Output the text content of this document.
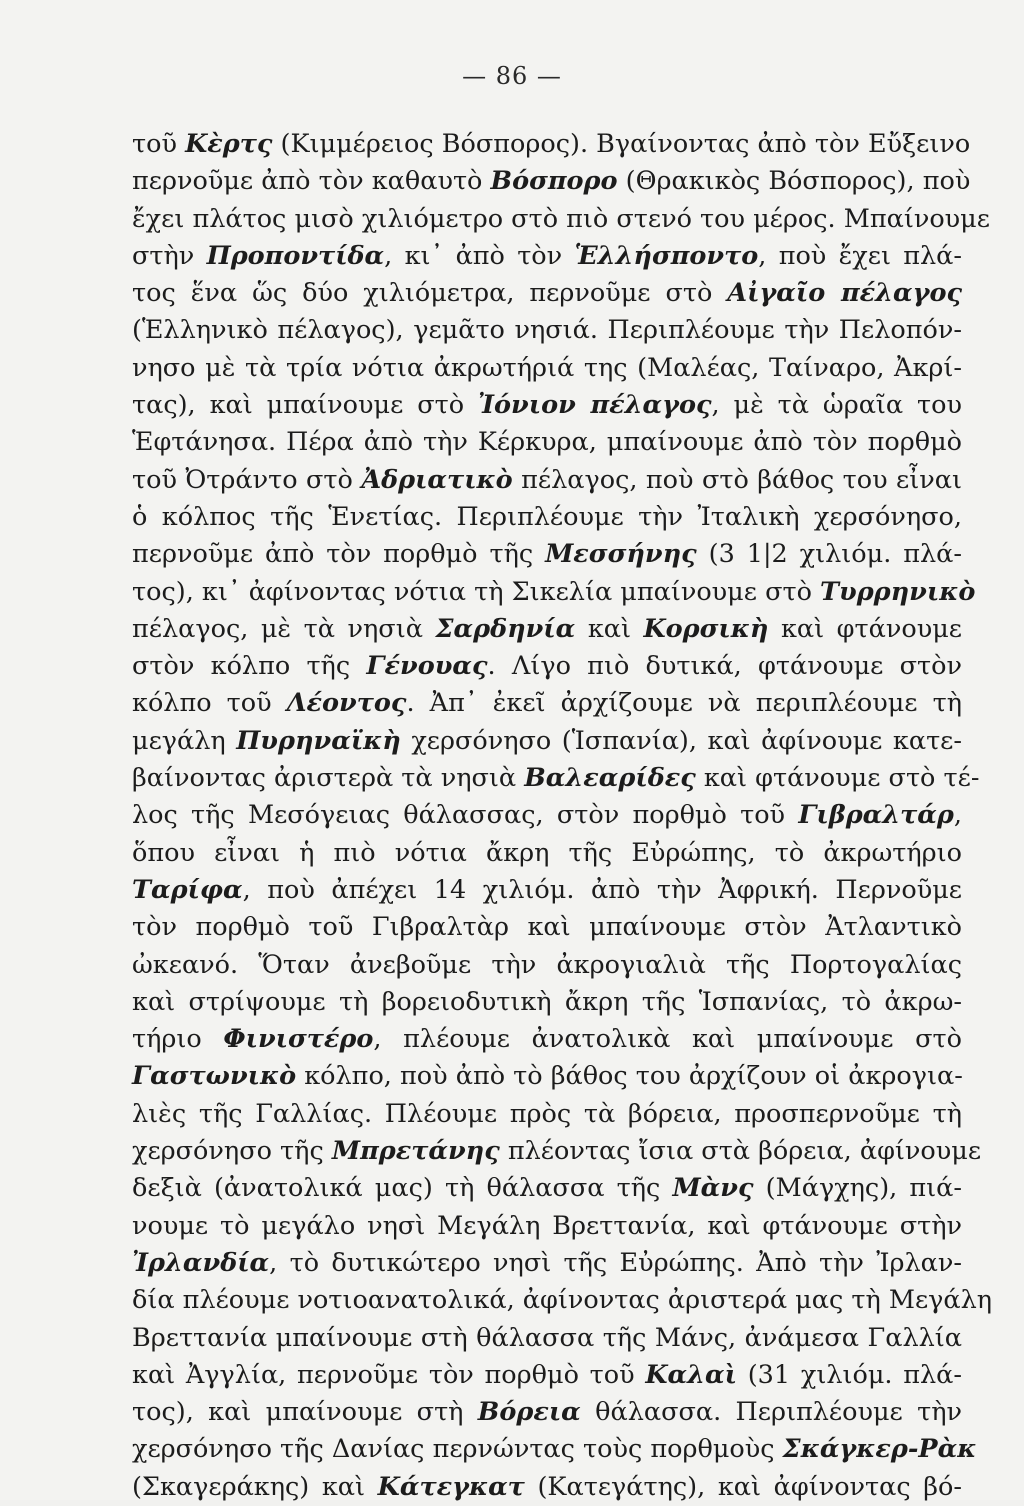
— 86 —
τοῦ Κὲρτς (Κιμμέρειος Βόσπορος). Βγαίνοντας ἀπὸ τὸν Εὔξεινο
περνοῦμε ἀπὸ τὸν καθαυτὸ Βόσπορο (Θρακικὸς Βόσπορος), ποὺ
ἔχει πλάτος μισὸ χιλιόμετρο στὸ πιὸ στενό του μέρος. Μπαίνουμε
στὴν Προποντίδα, κι᾽ ἀπὸ τὸν Ἑλλήσποντο, ποὺ ἔχει πλά-
τος ἕνα ὥς δύο χιλιόμετρα, περνοῦμε στὸ Αἰγαῖο πέλαγος
(Ἑλληνικὸ πέλαγος), γεμᾶτο νησιά. Περιπλέουμε τὴν Πελοπόν-
νησο μὲ τὰ τρία νότια ἀκρωτήριά της (Μαλέας, Ταίναρο, Ἀκρί-
τας), καὶ μπαίνουμε στὸ Ἰόνιον πέλαγος, μὲ τὰ ὡραῖα του
Ἑφτάνησα. Πέρα ἀπὸ τὴν Κέρκυρα, μπαίνουμε ἀπὸ τὸν πορθμὸ
τοῦ Ὀτράντο στὸ Ἀδριατικὸ πέλαγος, ποὺ στὸ βάθος του εἶναι
ὁ κόλπος τῆς Ἑνετίας. Περιπλέουμε τὴν Ἰταλικὴ χερσόνησο,
περνοῦμε ἀπὸ τὸν πορθμὸ τῆς Μεσσήνης (3 1|2 χιλιόμ. πλά-
τος), κι᾽ ἀφίνοντας νότια τὴ Σικελία μπαίνουμε στὸ Τυρρηνικὸ
πέλαγος, μὲ τὰ νησιὰ Σαρδηνία καὶ Κορσικὴ καὶ φτάνουμε
στὸν κόλπο τῆς Γένουας. Λίγο πιὸ δυτικά, φτάνουμε στὸν
κόλπο τοῦ Λέοντος. Ἀπ᾽ ἐκεῖ ἀρχίζουμε νὰ περιπλέουμε τὴ
μεγάλη Πυρηναϊκὴ χερσόνησο (Ἱσπανία), καὶ ἀφίνουμε κατε-
βαίνοντας ἀριστερὰ τὰ νησιὰ Βαλεαρίδες καὶ φτάνουμε στὸ τέ-
λος τῆς Μεσόγειας θάλασσας, στὸν πορθμὸ τοῦ Γιβραλτάρ,
ὅπου εἶναι ἡ πιὸ νότια ἄκρη τῆς Εὐρώπης, τὸ ἀκρωτήριο
Ταρίφα, ποὺ ἀπέχει 14 χιλιόμ. ἀπὸ τὴν Ἀφρική. Περνοῦμε
τὸν πορθμὸ τοῦ Γιβραλτὰρ καὶ μπαίνουμε στὸν Ἀτλαντικὸ
ὠκεανό. Ὅταν ἀνεβοῦμε τὴν ἀκρογιαλιὰ τῆς Πορτογαλίας
καὶ στρίψουμε τὴ βορειοδυτικὴ ἄκρη τῆς Ἱσπανίας, τὸ ἀκρω-
τήριο Φινιστέρο, πλέουμε ἀνατολικὰ καὶ μπαίνουμε στὸ
Γαστωνικὸ κόλπο, ποὺ ἀπὸ τὸ βάθος του ἀρχίζουν οἱ ἀκρογια-
λιὲς τῆς Γαλλίας. Πλέουμε πρὸς τὰ βόρεια, προσπερνοῦμε τὴ
χερσόνησο τῆς Μπρετάνης πλέοντας ἴσια στὰ βόρεια, ἀφίνουμε
δεξιὰ (ἀνατολικά μας) τὴ θάλασσα τῆς Μὰνς (Μάγχης), πιά-
νουμε τὸ μεγάλο νησὶ Μεγάλη Βρεττανία, καὶ φτάνουμε στὴν
Ἰρλανδία, τὸ δυτικώτερο νησὶ τῆς Εὐρώπης. Ἀπὸ τὴν Ἰρλαν-
δία πλέουμε νοτιοανατολικά, ἀφίνοντας ἀριστερά μας τὴ Μεγάλη
Βρεττανία μπαίνουμε στὴ θάλασσα τῆς Μάνς, ἀνάμεσα Γαλλία
καὶ Ἀγγλία, περνοῦμε τὸν πορθμὸ τοῦ Καλαὶ (31 χιλιόμ. πλά-
τος), καὶ μπαίνουμε στὴ Βόρεια θάλασσα. Περιπλέουμε τὴν
χερσόνησο τῆς Δανίας περνώντας τοὺς πορθμοὺς Σκάγκερ-Ρὰκ
(Σκαγεράκης) καὶ Κάτεγκατ (Κατεγάτης), καὶ ἀφίνοντας βό-
